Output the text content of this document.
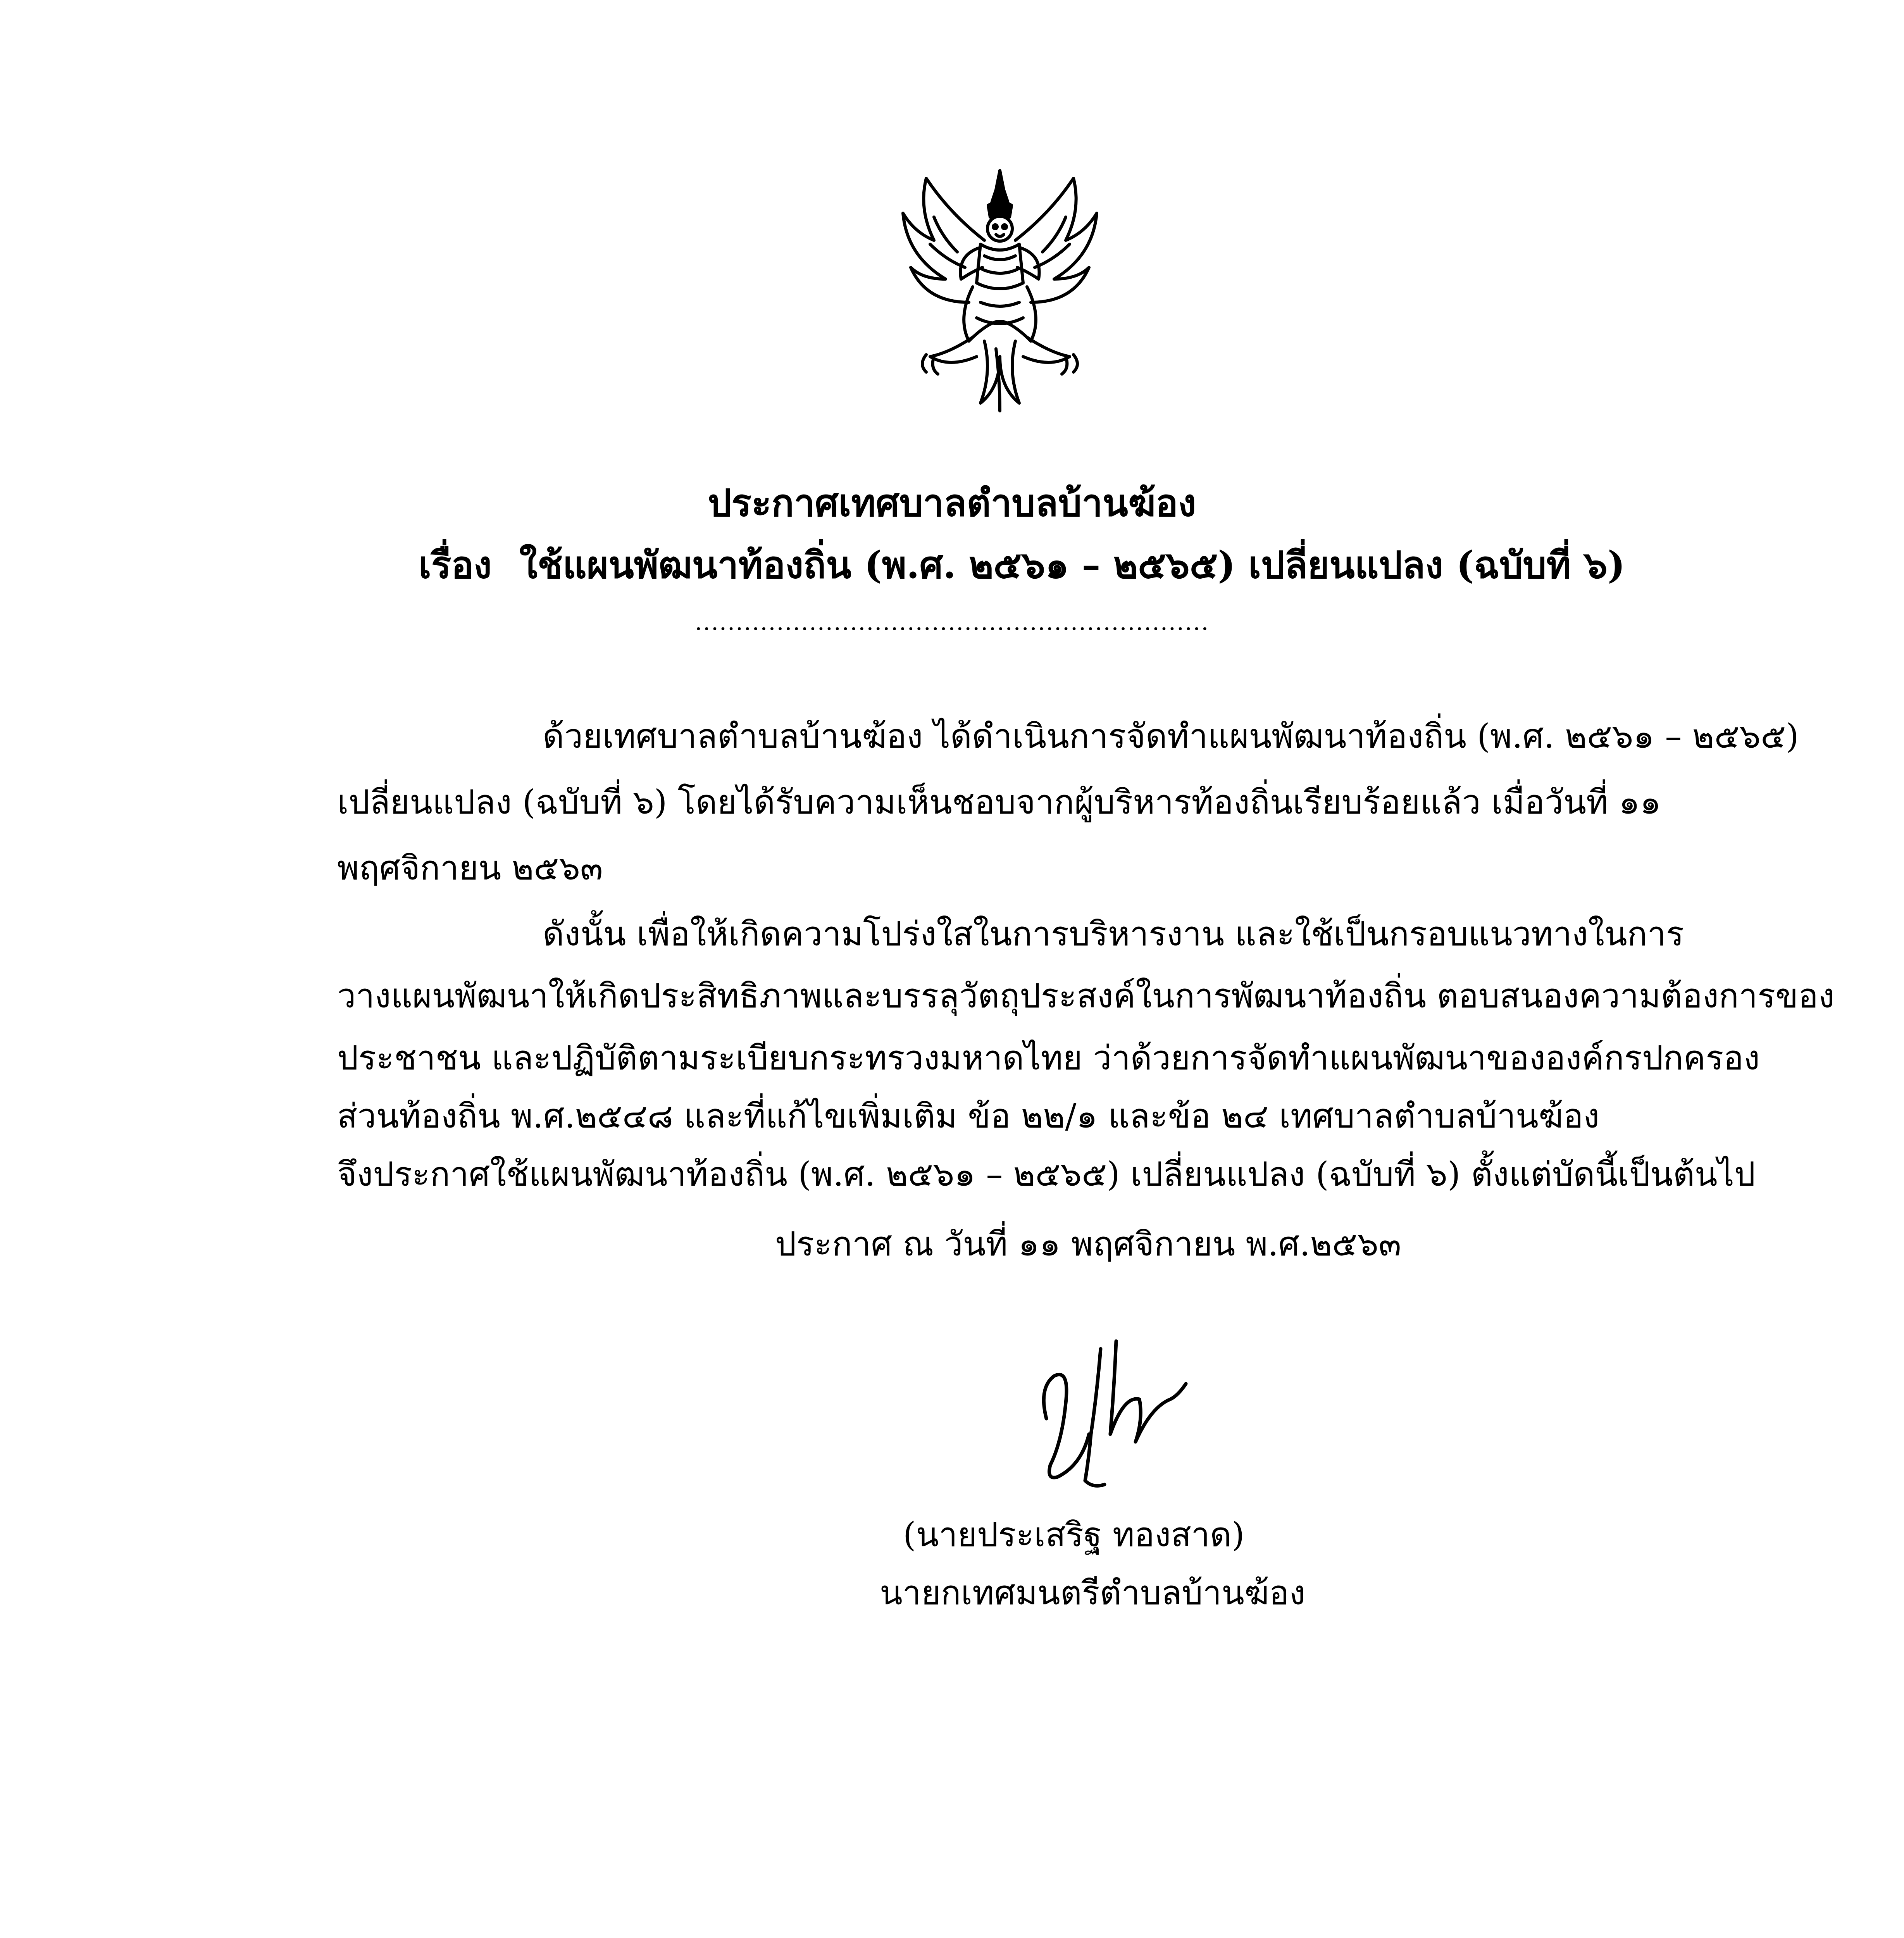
ประกาศเทศบาลตำบลบ้านฆ้อง
เรื่อง ใช้แผนพัฒนาท้องถิ่น (พ.ศ. ๒๕๖๑ – ๒๕๖๕) เปลี่ยนแปลง (ฉบับที่ ๖)
...............................................................
ด้วยเทศบาลตำบลบ้านฆ้อง ได้ดำเนินการจัดทำแผนพัฒนาท้องถิ่น (พ.ศ. ๒๕๖๑ – ๒๕๖๕)
เปลี่ยนแปลง (ฉบับที่ ๖) โดยได้รับความเห็นชอบจากผู้บริหารท้องถิ่นเรียบร้อยแล้ว เมื่อวันที่ ๑๑
พฤศจิกายน ๒๕๖๓
ดังนั้น เพื่อให้เกิดความโปร่งใสในการบริหารงาน และใช้เป็นกรอบแนวทางในการ
วางแผนพัฒนาให้เกิดประสิทธิภาพและบรรลุวัตถุประสงค์ในการพัฒนาท้องถิ่น ตอบสนองความต้องการของ
ประชาชน และปฏิบัติตามระเบียบกระทรวงมหาดไทย ว่าด้วยการจัดทำแผนพัฒนาขององค์กรปกครอง
ส่วนท้องถิ่น พ.ศ.๒๕๔๘ และที่แก้ไขเพิ่มเติม ข้อ ๒๒/๑ และข้อ ๒๔ เทศบาลตำบลบ้านฆ้อง
จึงประกาศใช้แผนพัฒนาท้องถิ่น (พ.ศ. ๒๕๖๑ – ๒๕๖๕) เปลี่ยนแปลง (ฉบับที่ ๖) ตั้งแต่บัดนี้เป็นต้นไป
ประกาศ ณ วันที่ ๑๑ พฤศจิกายน พ.ศ.๒๕๖๓
(นายประเสริฐ ทองสาด)
นายกเทศมนตรีตำบลบ้านฆ้อง
